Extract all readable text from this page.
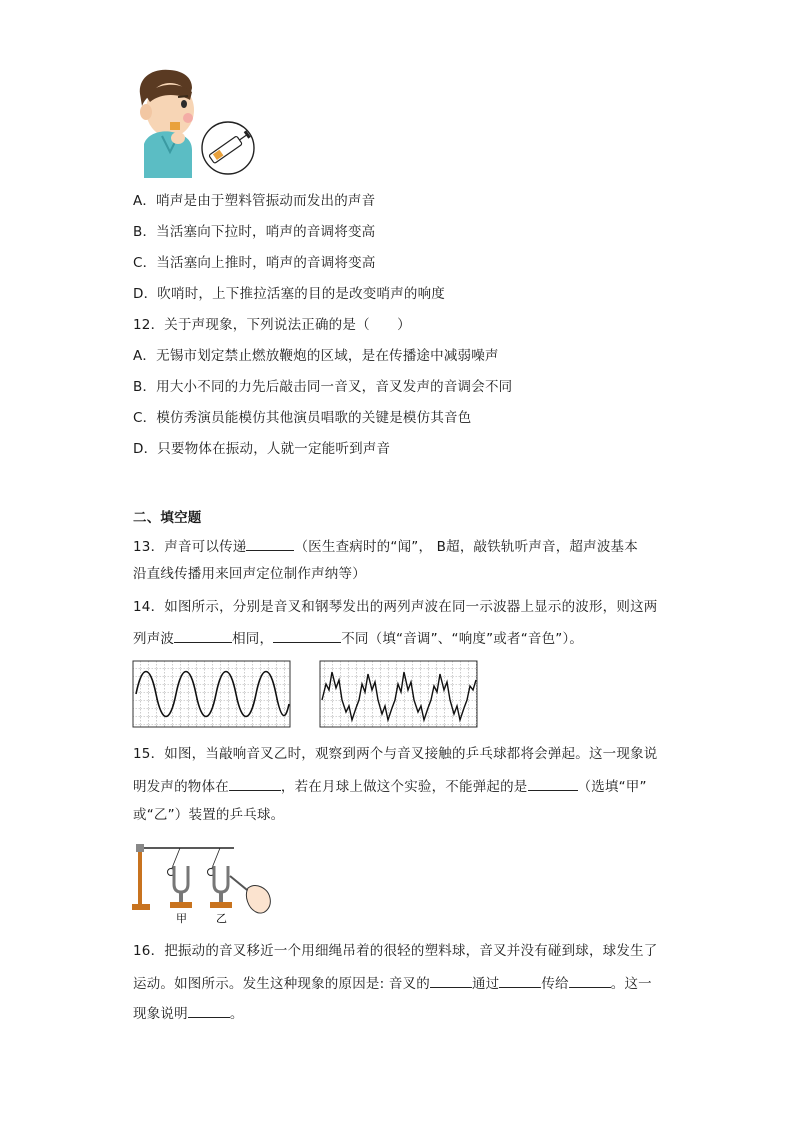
A．哨声是由于塑料管振动而发出的声音
B．当活塞向下拉时，哨声的音调将变高
C．当活塞向上推时，哨声的音调将变高
D．吹哨时，上下推拉活塞的目的是改变哨声的响度
12．关于声现象，下列说法正确的是（　　）
A．无锡市划定禁止燃放鞭炮的区域，是在传播途中减弱噪声
B．用大小不同的力先后敲击同一音叉，音叉发声的音调会不同
C．模仿秀演员能模仿其他演员唱歌的关键是模仿其音色
D．只要物体在振动，人就一定能听到声音
二、填空题
13．声音可以传递	（医生查病时的“闻”， B超，敲铁轨听声音，超声波基本
沿直线传播用来回声定位制作声纳等）
14．如图所示，分别是音叉和钢琴发出的两列声波在同一示波器上显示的波形，则这两
列声波	相同，	不同（填“音调”、“响度”或者“音色”）。
15．如图，当敲响音叉乙时，观察到两个与音叉接触的乒乓球都将会弹起。这一现象说
明发声的物体在	，若在月球上做这个实验，不能弹起的是	（选填“甲”
或“乙”）装置的乒乓球。
甲	乙
16．把振动的音叉移近一个用细绳吊着的很轻的塑料球，音叉并没有碰到球，球发生了
运动。如图所示。发生这种现象的原因是: 音叉的	通过	传给	。这一
现象说明	。
